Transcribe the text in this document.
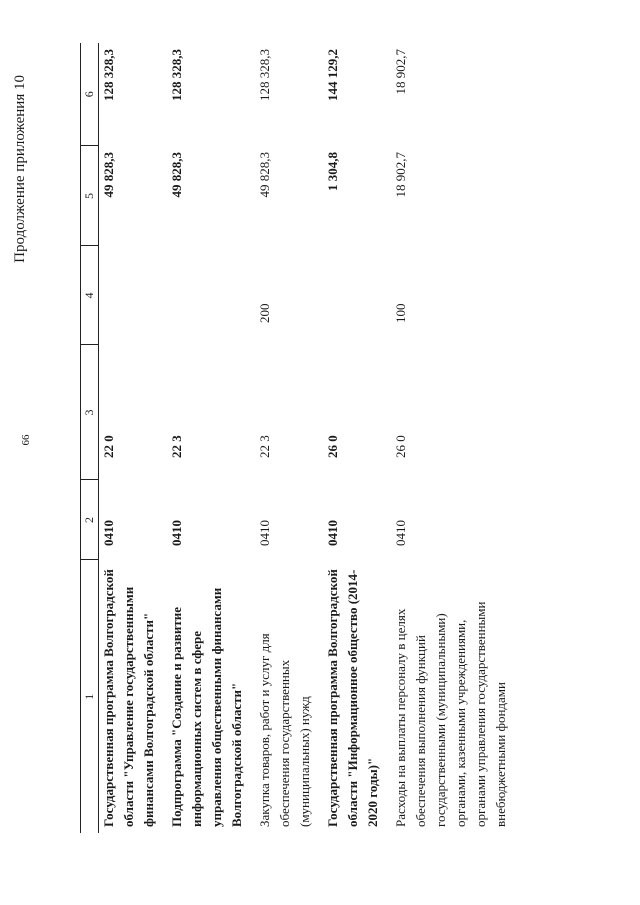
66
Продолжение приложения 10
1	2	3	4	5	6
Государственная программа Волгоградской области "Управление государственными финансами Волгоградской области"	0410	22 0		49 828,3	128 328,3
Подпрограмма "Создание и развитие информационных систем в сфере управления общественными финансами Волгоградской области"	0410	22 3		49 828,3	128 328,3
Закупка товаров, работ и услуг для обеспечения государственных (муниципальных) нужд	0410	22 3	200	49 828,3	128 328,3
Государственная программа Волгоградской области "Информационное общество (2014-2020 годы)"	0410	26 0		1 304,8	144 129,2
Расходы на выплаты персоналу в целях обеспечения выполнения функций государственными (муниципальными) органами, казенными учреждениями, органами управления государственными внебюджетными фондами	0410	26 0	100	18 902,7	18 902,7
